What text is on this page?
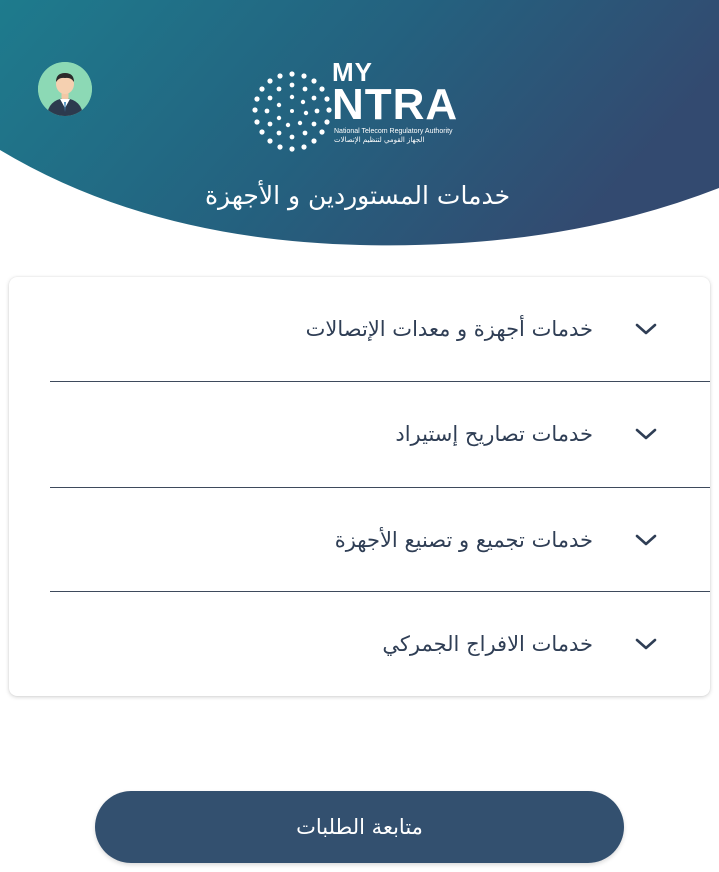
MY
NTRA
National Telecom Regulatory Authority
الجهاز القومي لتنظيم الإتصالات
خدمات المستوردين و الأجهزة
خدمات أجهزة و معدات الإتصالات
خدمات تصاريح إستيراد
خدمات تجميع و تصنيع الأجهزة
خدمات الافراج الجمركي
متابعة الطلبات
